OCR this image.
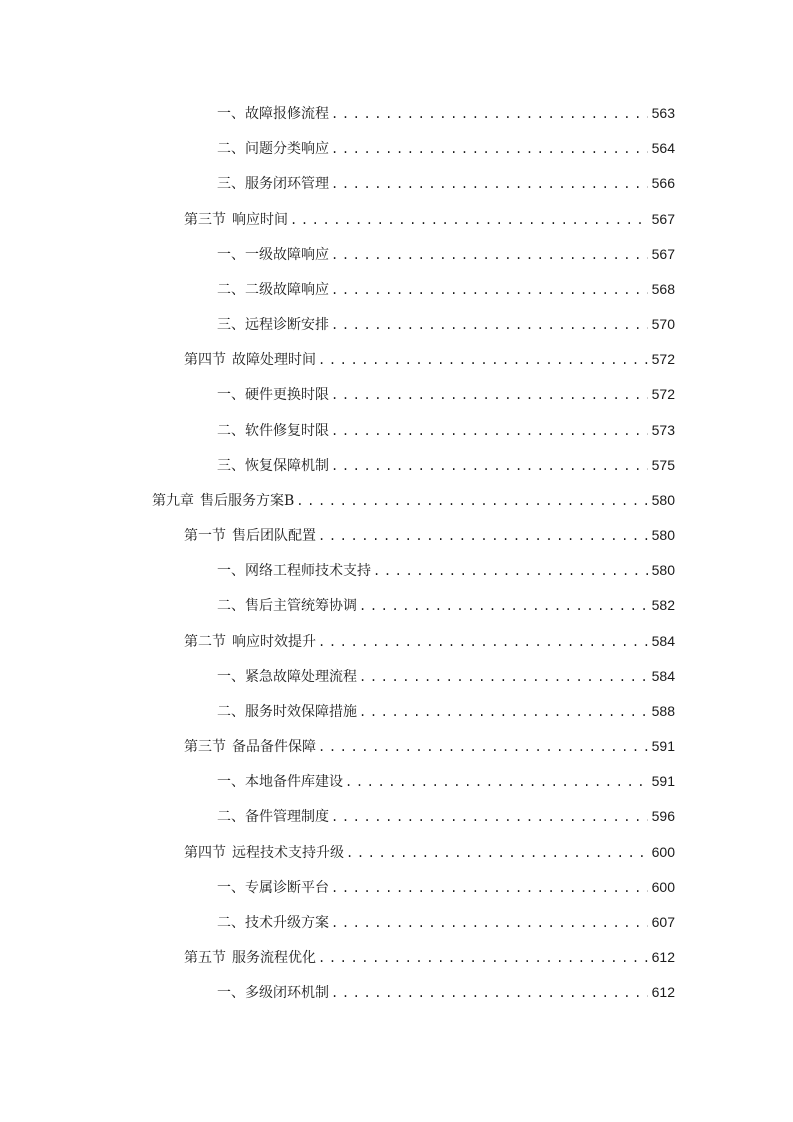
一、 故障报修流程 .....	563
二、 问题分类响应 .....	564
三、 服务闭环管理 .....	566
第三节 响应时间 .....	567
一、 一级故障响应 .....	567
二、 二级故障响应 .....	568
三、 远程诊断安排 .....	570
第四节 故障处理时间 .....	572
一、 硬件更换时限 .....	572
二、 软件修复时限 .....	573
三、 恢复保障机制 .....	575
第九章 售后服务方案B .....	580
第一节 售后团队配置 .....	580
一、 网络工程师技术支持 .....	580
二、 售后主管统筹协调 .....	582
第二节 响应时效提升 .....	584
一、 紧急故障处理流程 .....	584
二、 服务时效保障措施 .....	588
第三节 备品备件保障 .....	591
一、 本地备件库建设 .....	591
二、 备件管理制度 .....	596
第四节 远程技术支持升级 .....	600
一、 专属诊断平台 .....	600
二、 技术升级方案 .....	607
第五节 服务流程优化 .....	612
一、 多级闭环机制 .....	612
